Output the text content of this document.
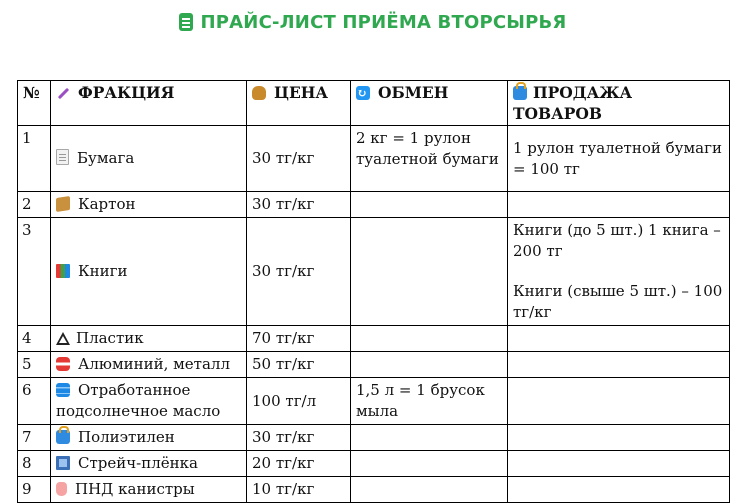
ПРАЙС-ЛИСТ ПРИЁМА ВТОРСЫРЬЯ
№	ФРАКЦИЯ	ЦЕНА	↻ОБМЕН	ПРОДАЖА ТОВАРОВ
1	Бумага	30 тг/кг	2 кг = 1 рулон туалетной бумаги	1 рулон туалетной бумаги = 100 тг
2	Картон	30 тг/кг		
3	Книги	30 тг/кг		Книги (до 5 шт.) 1 книга – 200 тг
Книги (свыше 5 шт.) – 100 тг/кг

4	Пластик	70 тг/кг		
5	Алюминий, металл	50 тг/кг		
6	Отработанное подсолнечное масло	100 тг/л	1,5 л = 1 брусок мыла	
7	Полиэтилен	30 тг/кг		
8	Стрейч-плёнка	20 тг/кг		
9	ПНД канистры	10 тг/кг		
